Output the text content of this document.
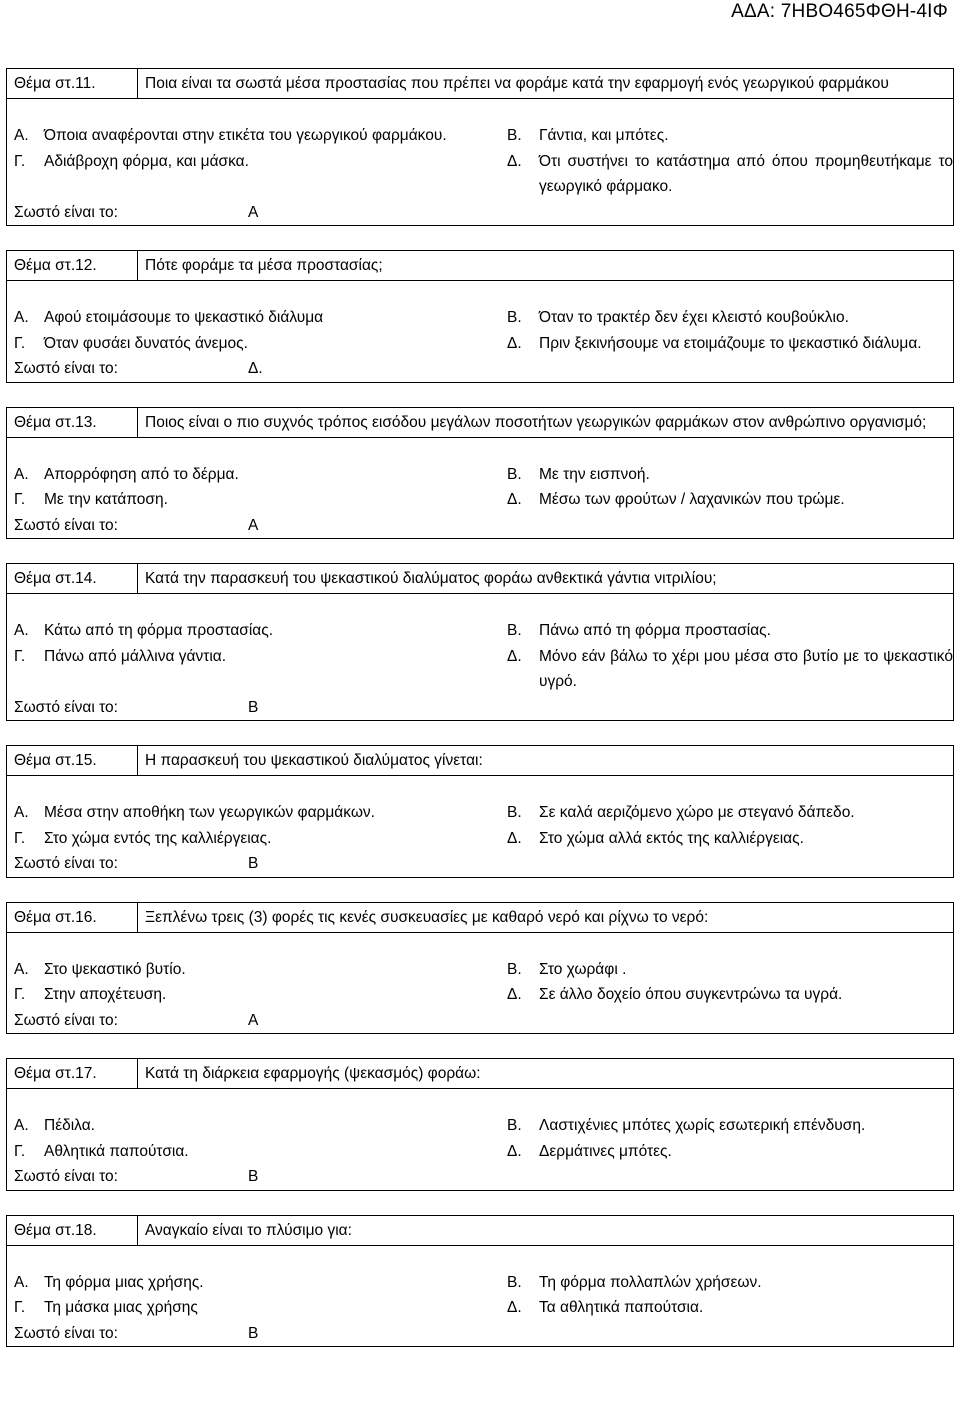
ΑΔΑ: 7ΗΒΟ465ΦΘΗ-4ΙΦ
Θέμα στ.11.	Ποια είναι τα σωστά μέσα προστασίας που πρέπει να φοράμε κατά την εφαρμογή ενός γεωργικού φαρμάκου
Α. Όποια αναφέρονται στην ετικέτα του γεωργικού φαρμάκου.	Β.	Γάντια, και μπότες.
Γ.	Αδιάβροχη φόρμα, και μάσκα.	Δ.	Ότι συστήνει το κατάστημα από όπου προμηθευτήκαμε το γεωργικό φάρμακο.
Σωστό είναι το:	Α
Θέμα στ.12.	Πότε φοράμε τα μέσα προστασίας;
Α. Αφού ετοιμάσουμε το ψεκαστικό διάλυμα	Β.	Όταν το τρακτέρ δεν έχει κλειστό κουβούκλιο.
Γ.	Όταν φυσάει δυνατός άνεμος.	Δ.	Πριν ξεκινήσουμε να ετοιμάζουμε το ψεκαστικό διάλυμα.
Σωστό είναι το:	Δ.
Θέμα στ.13.	Ποιος είναι ο πιο συχνός τρόπος εισόδου μεγάλων ποσοτήτων γεωργικών φαρμάκων στον ανθρώπινο οργανισμό;
Α. Απορρόφηση από το δέρμα.	Β.	Με την εισπνοή.
Γ.	Με την κατάποση.	Δ.	Μέσω των φρούτων / λαχανικών που τρώμε.
Σωστό είναι το:	Α
Θέμα στ.14.	Κατά την παρασκευή του ψεκαστικού διαλύματος φοράω ανθεκτικά γάντια νιτριλίου;
Α. Κάτω από τη φόρμα προστασίας.	Β.	Πάνω από τη φόρμα προστασίας.
Γ.	Πάνω από μάλλινα γάντια.	Δ.	Μόνο εάν βάλω το χέρι μου μέσα στο βυτίο με το ψεκαστικό υγρό.
Σωστό είναι το:	Β
Θέμα στ.15.	Η παρασκευή του ψεκαστικού διαλύματος γίνεται:
Α. Μέσα στην αποθήκη των γεωργικών φαρμάκων.	Β.	Σε καλά αεριζόμενο χώρο με στεγανό δάπεδο.
Γ.	Στο χώμα εντός της καλλιέργειας.	Δ.	Στο χώμα αλλά εκτός της καλλιέργειας.
Σωστό είναι το:	Β
Θέμα στ.16.	Ξεπλένω τρεις (3) φορές τις κενές συσκευασίες με καθαρό νερό και ρίχνω το νερό:
Α. Στο ψεκαστικό βυτίο.	Β.	Στο χωράφι .
Γ.	Στην αποχέτευση.	Δ.	Σε άλλο δοχείο όπου συγκεντρώνω τα υγρά.
Σωστό είναι το:	Α
Θέμα στ.17.	Κατά τη διάρκεια εφαρμογής (ψεκασμός) φοράω:
Α. Πέδιλα.	Β.	Λαστιχένιες μπότες χωρίς εσωτερική επένδυση.
Γ.	Αθλητικά παπούτσια.	Δ.	Δερμάτινες μπότες.
Σωστό είναι το:	Β
Θέμα στ.18.	Αναγκαίο είναι το πλύσιμο για:
Α. Τη φόρμα μιας χρήσης.	Β.	Τη φόρμα πολλαπλών χρήσεων.
Γ.	Τη μάσκα μιας χρήσης	Δ.	Τα αθλητικά παπούτσια.
Σωστό είναι το:	Β
